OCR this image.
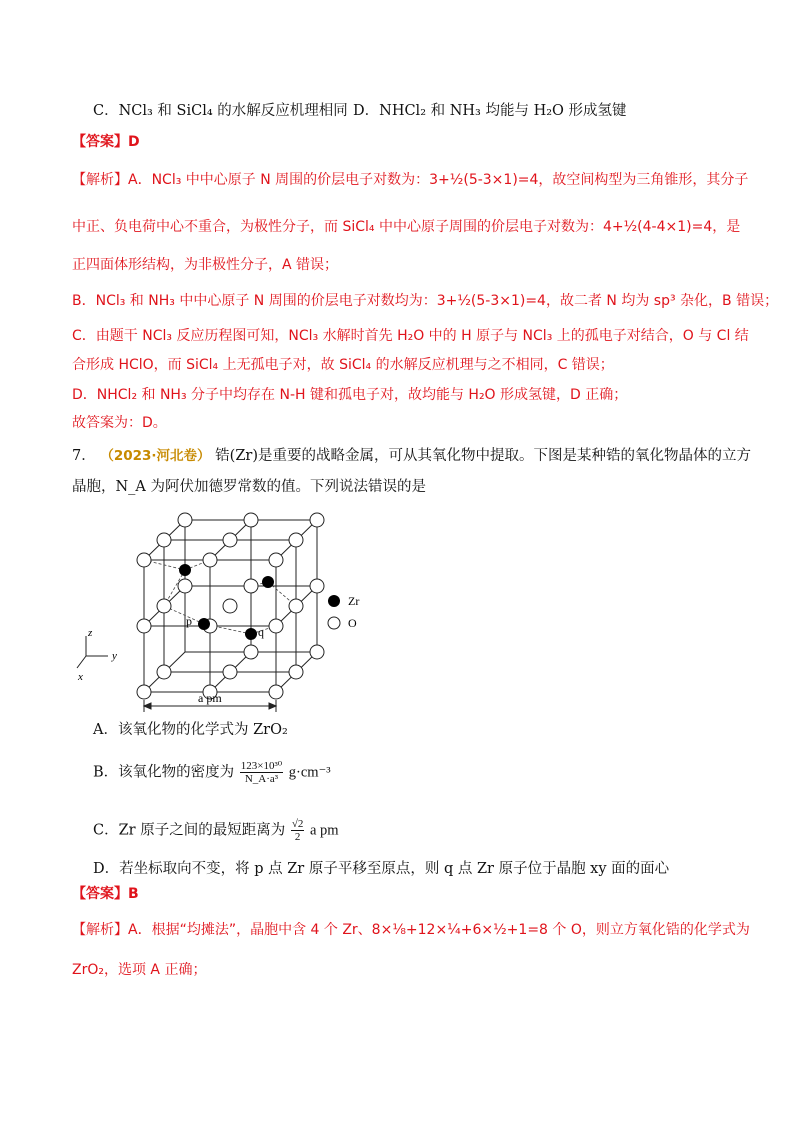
C．NCl₃ 和 SiCl₄ 的水解反应机理相同 D．NHCl₂ 和 NH₃ 均能与 H₂O 形成氢键
【答案】D
【解析】A．NCl₃ 中中心原子 N 周围的价层电子对数为：3+½(5-3×1)=4，故空间构型为三角锥形，其分子
中正、负电荷中心不重合，为极性分子，而 SiCl₄ 中中心原子周围的价层电子对数为：4+½(4-4×1)=4，是
正四面体形结构，为非极性分子，A 错误；
B．NCl₃ 和 NH₃ 中中心原子 N 周围的价层电子对数均为：3+½(5-3×1)=4，故二者 N 均为 sp³ 杂化，B 错误；
C．由题干 NCl₃ 反应历程图可知，NCl₃ 水解时首先 H₂O 中的 H 原子与 NCl₃ 上的孤电子对结合，O 与 Cl 结
合形成 HClO，而 SiCl₄ 上无孤电子对，故 SiCl₄ 的水解反应机理与之不相同，C 错误；
D．NHCl₂ 和 NH₃ 分子中均存在 N-H 键和孤电子对，故均能与 H₂O 形成氢键，D 正确；
故答案为：D。
7． （2023·河北卷） 锆(Zr)是重要的战略金属，可从其氧化物中提取。下图是某种锆的氧化物晶体的立方
晶胞，N_A 为阿伏加德罗常数的值。下列说法错误的是
p
q
Zr
O
z
y
x
a pm
A．该氧化物的化学式为 ZrO₂
B．该氧化物的密度为 $\frac{\text{123×10³⁰}}{\text{N\_A·a³}} g\cdot cm^{-3}$
C．Zr 原子之间的最短距离为 $\frac{√2}{2}$ a pm
D．若坐标取向不变，将 p 点 Zr 原子平移至原点，则 q 点 Zr 原子位于晶胞 xy 面的面心
【答案】B
【解析】A．根据“均摊法”，晶胞中含 4 个 Zr、8×⅛+12×¼+6×½+1=8 个 O，则立方氧化锆的化学式为
ZrO₂，选项 A 正确；
